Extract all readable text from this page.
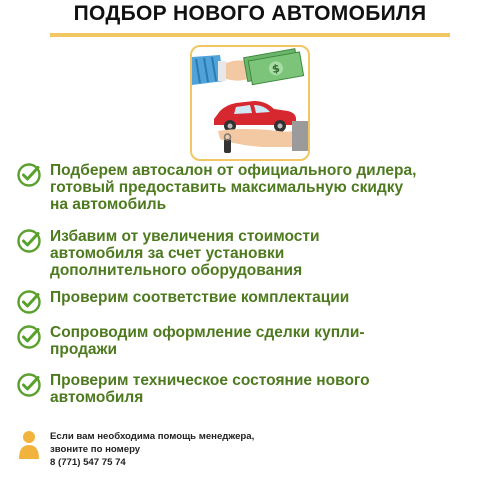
ПОДБОР НОВОГО АВТОМОБИЛЯ
$
Подберем автосалон от официального дилера,
готовый предоставить максимальную скидку
на автомобиль
Избавим от увеличения стоимости
автомобиля за счет установки
дополнительного оборудования
Проверим соответствие комплектации
Сопроводим оформление сделки купли-
продажи
Проверим техническое состояние нового
автомобиля
Если вам необходима помощь менеджера,
звоните по номеру
8 (771) 547 75 74
